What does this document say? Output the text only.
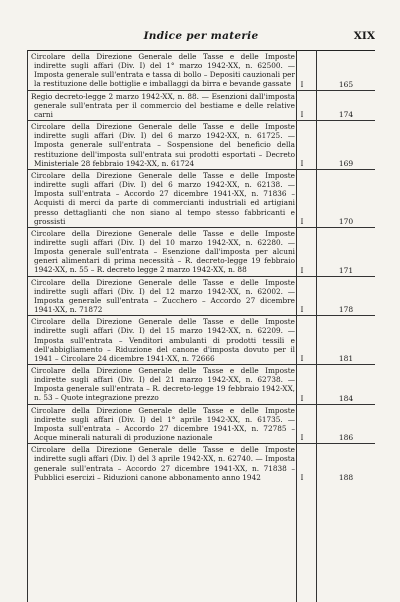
Indice per materie	XIX
Circolare della Direzione Generale delle Tasse e delle Imposte indirette sugli affari (Div. I) del 1° marzo 1942-XX, n. 62500. — Imposta generale sull'entrata e tassa di bollo – Depositi cauzionali per la restituzione delle bottiglie e imballaggi da birra e bevande gassate	I	165
Regio decreto-legge 2 marzo 1942-XX, n. 88. — Esenzioni dall'imposta generale sull'entrata per il commercio del bestiame e delle relative carni	I	174
Circolare della Direzione Generale delle Tasse e delle Imposte indirette sugli affari (Div. I) del 6 marzo 1942-XX, n. 61725. — Imposta generale sull'entrata – Sospensione del beneficio della restituzione dell'imposta sull'entrata sui prodotti esportati – Decreto Ministeriale 28 febbraio 1942-XX, n. 61724	I	169
Circolare della Direzione Generale delle Tasse e delle Imposte indirette sugli affari (Div. I) del 6 marzo 1942-XX, n. 62138. — Imposta sull'entrata – Accordo 27 dicembre 1941-XX, n. 71836 – Acquisti di merci da parte di commercianti industriali ed artigiani presso dettaglianti che non siano al tempo stesso fabbricanti e grossisti	I	170
Circolare della Direzione Generale delle Tasse e delle Imposte indirette sugli affari (Div. I) del 10 marzo 1942-XX, n. 62280. — Imposta generale sull'entrata – Esenzione dall'imposta per alcuni generi alimentari di prima necessità – R. decreto-legge 19 febbraio 1942-XX, n. 55 – R. decreto legge 2 marzo 1942-XX, n. 88	I	171
Circolare della Direzione Generale delle Tasse e delle Imposte indirette sugli affari (Div. I) del 12 marzo 1942-XX, n. 62002. — Imposta generale sull'entrata – Zucchero – Accordo 27 dicembre 1941-XX, n. 71872	I	178
Circolare della Direzione Generale delle Tasse e delle Imposte indirette sugli affari (Div. I) del 15 marzo 1942-XX, n. 62209. — Imposta sull'entrata – Venditori ambulanti di prodotti tessili e dell'abbigliamento – Riduzione del canone d'imposta dovuto per il 1941 – Circolare 24 dicembre 1941-XX, n. 72666	I	181
Circolare della Direzione Generale delle Tasse e delle Imposte indirette sugli affari (Div. I) del 21 marzo 1942-XX, n. 62738. — Imposta generale sull'entrata – R. decreto-legge 19 febbraio 1942-XX, n. 53 – Quote integrazione prezzo	I	184
Circolare della Direzione Generale delle Tasse e delle Imposte indirette sugli affari (Div. I) del 1° aprile 1942-XX, n. 61735. — Imposta sull'entrata – Accordo 27 dicembre 1941-XX, n. 72785 – Acque minerali naturali di produzione nazionale	I	186
Circolare della Direzione Generale delle Tasse e delle Imposte indirette sugli affari (Div. I) del 3 aprile 1942-XX, n. 62740. — Imposta generale sull'entrata – Accordo 27 dicembre 1941-XX, n. 71838 – Pubblici esercizi – Riduzioni canone abbonamento anno 1942	I	188
